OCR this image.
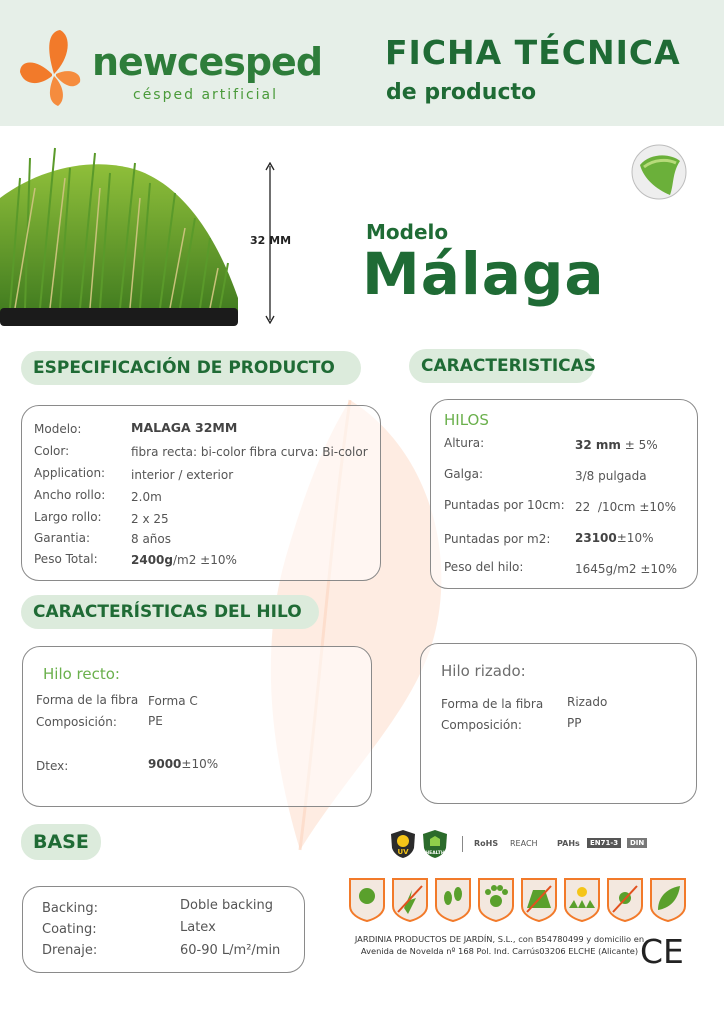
newcesped
césped artificial
FICHA TÉCNICA
de producto
32 MM	Modelo
Málaga
ESPECIFICACIÓN DE PRODUCTO
Modelo:	MALAGA 32MM
Color:	fibra recta: bi-color fibra curva: Bi-color
Application: interior / exterior
Ancho rollo: 2.0m
Largo rollo: 2 x 25
Garantia:	8 años
Peso Total:	2400g/m2 ±10%
CARACTERISTICAS
HILOS
Altura:	32 mm ± 5%
Galga:	3/8 pulgada
Puntadas por 10cm: 22  /10cm ±10%
Puntadas por m2: 23100±10%
Peso del hilo:	1645g/m2 ±10%
CARACTERÍSTICAS DEL HILO
Hilo recto:
Forma de la fibra Forma C
Composición:	PE
Dtex:	9000±10%
Hilo rizado:
Forma de la fibra Rizado
Composición:	PP
BASE
Backing:	Doble backing
Coating:	Latex
Drenaje:	60-90 L/m²/min
UV	HEALTH
RoHS REACH PAHs	EN71-3	DIN
JARDINIA PRODUCTOS DE JARDÍN, S.L., con B54780499 y domicilio en
Avenida de Novelda nº 168 Pol. Ind. Carrús03206 ELCHE (Alicante) CE
